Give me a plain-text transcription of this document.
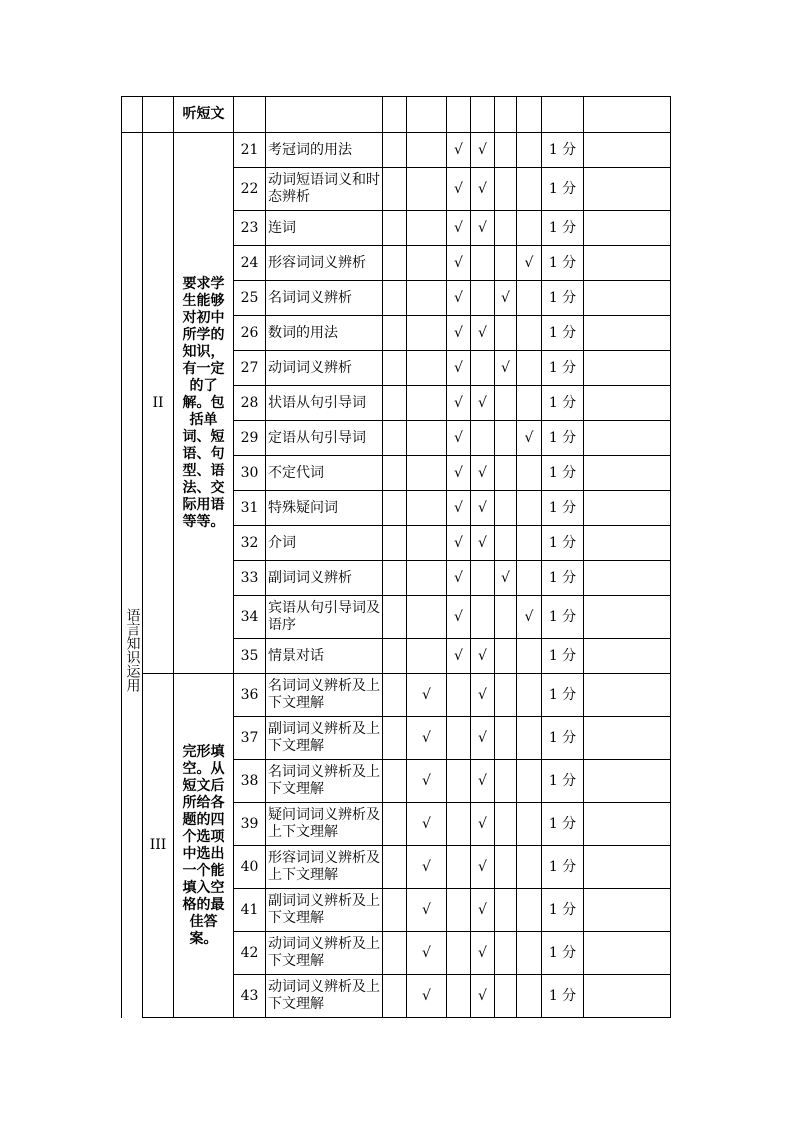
		听短文										
语言知识运用	II	要求学生能够对初中所学的知识，有一定的了解。包括单词、短语、句型、语法、交际用语等等。	21	考冠词的用法			√	√			1 分	
			22	动词短语词义和时态辨析			√	√			1 分	
			23	连词			√	√			1 分	
			24	形容词词义辨析			√			√	1 分	
			25	名词词义辨析			√		√		1 分	
			26	数词的用法			√	√			1 分	
			27	动词词义辨析			√		√		1 分	
			28	状语从句引导词			√	√			1 分	
			29	定语从句引导词			√			√	1 分	
			30	不定代词			√	√			1 分	
			31	特殊疑问词			√	√			1 分	
			32	介词			√	√			1 分	
			33	副词词义辨析			√		√		1 分	
			34	宾语从句引导词及语序			√			√	1 分	
			35	情景对话			√	√			1 分	
	III	完形填空。从短文后所给各题的四个选项中选出一个能填入空格的最佳答案。	36	名词词义辨析及上下文理解		√		√			1 分	
			37	副词词义辨析及上下文理解		√		√			1 分	
			38	名词词义辨析及上下文理解		√		√			1 分	
			39	疑问词词义辨析及上下文理解		√		√			1 分	
			40	形容词词义辨析及上下文理解		√		√			1 分	
			41	副词词义辨析及上下文理解		√		√			1 分	
			42	动词词义辨析及上下文理解		√		√			1 分	
			43	动词词义辨析及上下文理解		√		√			1 分	
